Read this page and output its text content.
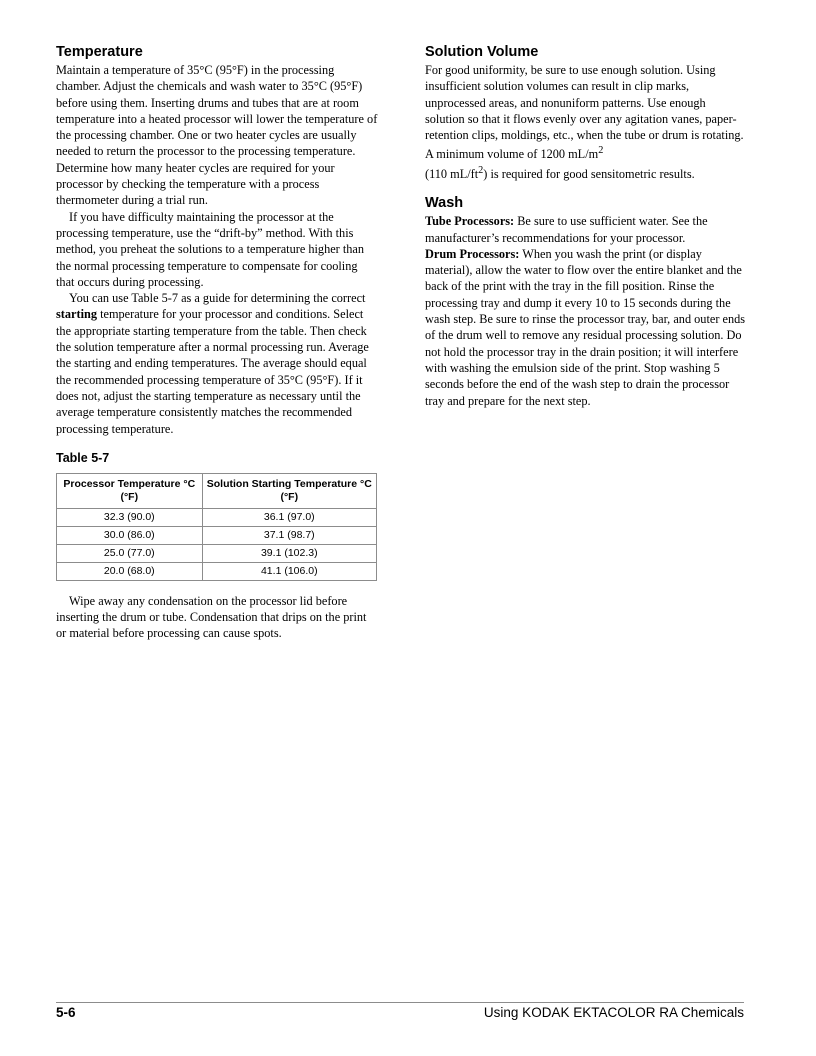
Temperature

Maintain a temperature of 35°C (95°F) in the processing chamber. Adjust the chemicals and wash water to 35°C (95°F) before using them. Inserting drums and tubes that are at room temperature into a heated processor will lower the temperature of the processing chamber. One or two heater cycles are usually needed to return the processor to the processing temperature. Determine how many heater cycles are required for your processor by checking the temperature with a process thermometer during a trial run.

If you have difficulty maintaining the processor at the processing temperature, use the “drift-by” method. With this method, you preheat the solutions to a temperature higher than the normal processing temperature to compensate for cooling that occurs during processing.

You can use Table 5-7 as a guide for determining the correct starting temperature for your processor and conditions. Select the appropriate starting temperature from the table. Then check the solution temperature after a normal processing run. Average the starting and ending temperatures. The average should equal the recommended processing temperature of 35°C (95°F). If it does not, adjust the starting temperature as necessary until the average temperature consistently matches the recommended processing temperature.

Table 5-7
Processor Temperature °C (°F)	Solution Starting Temperature °C (°F)
32.3 (90.0)	36.1 (97.0)
30.0 (86.0)	37.1 (98.7)
25.0 (77.0)	39.1 (102.3)
20.0 (68.0)	41.1 (106.0)

Wipe away any condensation on the processor lid before inserting the drum or tube. Condensation that drips on the print or material before processing can cause spots.

Solution Volume

For good uniformity, be sure to use enough solution. Using insufficient solution volumes can result in clip marks, unprocessed areas, and nonuniform patterns. Use enough solution so that it flows evenly over any agitation vanes, paper-retention clips, moldings, etc., when the tube or drum is rotating. A minimum volume of 1200 $mL/m^2$
(110 $mL/ft^2$) is required for good sensitometric results.

Wash

Tube Processors: Be sure to use sufficient water. See the manufacturer’s recommendations for your processor.

Drum Processors: When you wash the print (or display material), allow the water to flow over the entire blanket and the back of the print with the tray in the fill position. Rinse the processing tray and dump it every 10 to 15 seconds during the wash step. Be sure to rinse the processor tray, bar, and outer ends of the drum well to remove any residual processing solution. Do not hold the processor tray in the drain position; it will interfere with washing the emulsion side of the print. Stop washing 5 seconds before the end of the wash step to drain the processor tray and prepare for the next step.

5-6	Using KODAK EKTACOLOR RA Chemicals
